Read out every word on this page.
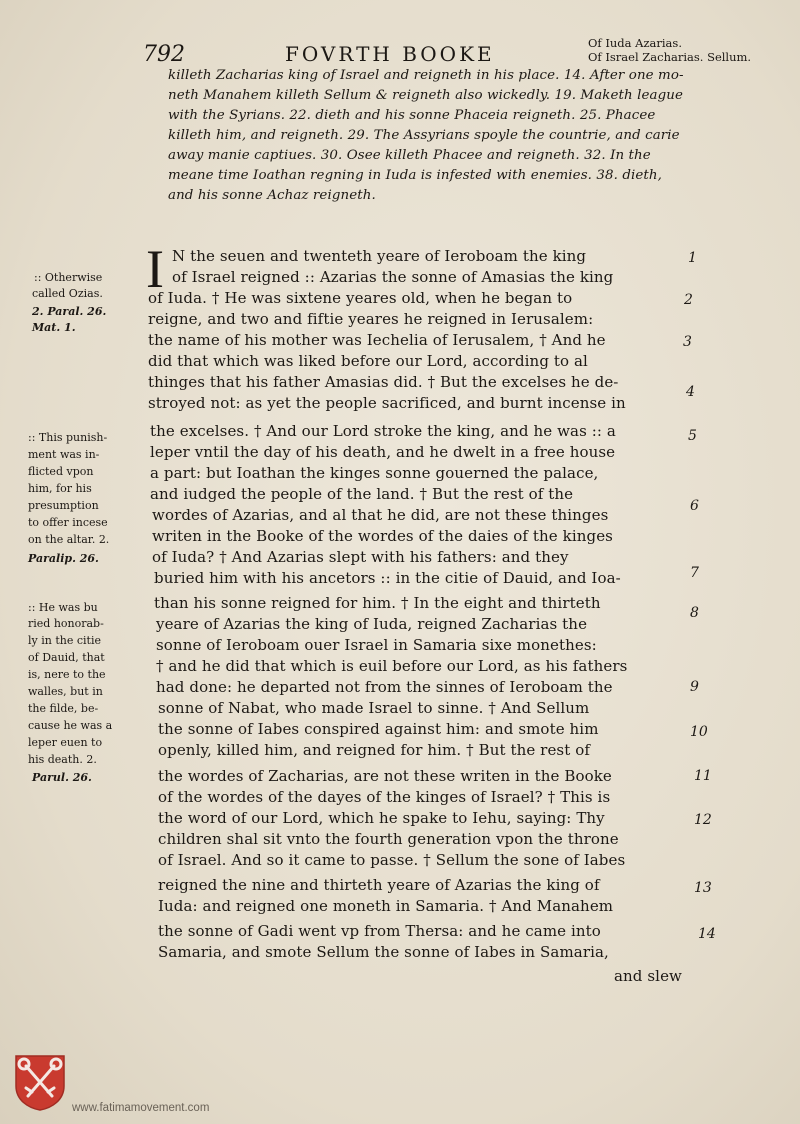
792	FOVRTH BOOKE	Of Iuda Azarias.
Of Israel Zacharias. Sellum.
killeth Zacharias king of Israel and reigneth in his place. 14. After one mo-
neth Manahem killeth Sellum & reigneth also wickedly. 19. Maketh league
with the Syrians. 22. dieth and his sonne Phaceia reigneth. 25. Phacee
killeth him, and reigneth. 29. The Assyrians spoyle the countrie, and carie
away manie captiues. 30. Osee killeth Phacee and reigneth. 32. In the
meane time Ioathan regning in Iuda is infested with enemies. 38. dieth,
and his sonne Achaz reigneth.
I N the seuen and twenteth yeare of Ieroboam the king
of Israel reigned :: Azarias the sonne of Amasias the king
of Iuda. † He was sixtene yeares old, when he began to
reigne, and two and fiftie yeares he reigned in Ierusalem:
the name of his mother was Iechelia of Ierusalem, † And he
did that which was liked before our Lord, according to al
thinges that his father Amasias did. † But the excelses he de-
stroyed not: as yet the people sacrificed, and burnt incense in
the excelses. † And our Lord stroke the king, and he was :: a
leper vntil the day of his death, and he dwelt in a free house
a part: but Ioathan the kinges sonne gouerned the palace,
and iudged the people of the land. † But the rest of the
wordes of Azarias, and al that he did, are not these thinges
writen in the Booke of the wordes of the daies of the kinges
of Iuda? † And Azarias slept with his fathers: and they
buried him with his ancetors :: in the citie of Dauid, and Ioa-
than his sonne reigned for him. † In the eight and thirteth
yeare of Azarias the king of Iuda, reigned Zacharias the
sonne of Ieroboam ouer Israel in Samaria sixe monethes:
† and he did that which is euil before our Lord, as his fathers
had done: he departed not from the sinnes of Ieroboam the
sonne of Nabat, who made Israel to sinne. † And Sellum
the sonne of Iabes conspired against him: and smote him
openly, killed him, and reigned for him. † But the rest of
the wordes of Zacharias, are not these writen in the Booke
of the wordes of the dayes of the kinges of Israel? † This is
the word of our Lord, which he spake to Iehu, saying: Thy
children shal sit vnto the fourth generation vpon the throne
of Israel. And so it came to passe. † Sellum the sone of Iabes
reigned the nine and thirteth yeare of Azarias the king of
Iuda: and reigned one moneth in Samaria. † And Manahem
the sonne of Gadi went vp from Thersa: and he came into
Samaria, and smote Sellum the sonne of Iabes in Samaria,
and slew
1
2
3
4
5
6
7
8
9
10
11
12
13
14
:: Otherwise
called Ozias.
2. Paral. 26.
Mat. 1.
:: This punish-
ment was in-
flicted vpon
him, for his
presumption
to offer incese
on the altar. 2.
Paralip. 26.
:: He was bu
ried honorab-
ly in the citie
of Dauid, that
is, nere to the
walles, but in
the filde, be-
cause he was a
leper euen to
his death. 2.
Parul. 26.
www.fatimamovement.com
